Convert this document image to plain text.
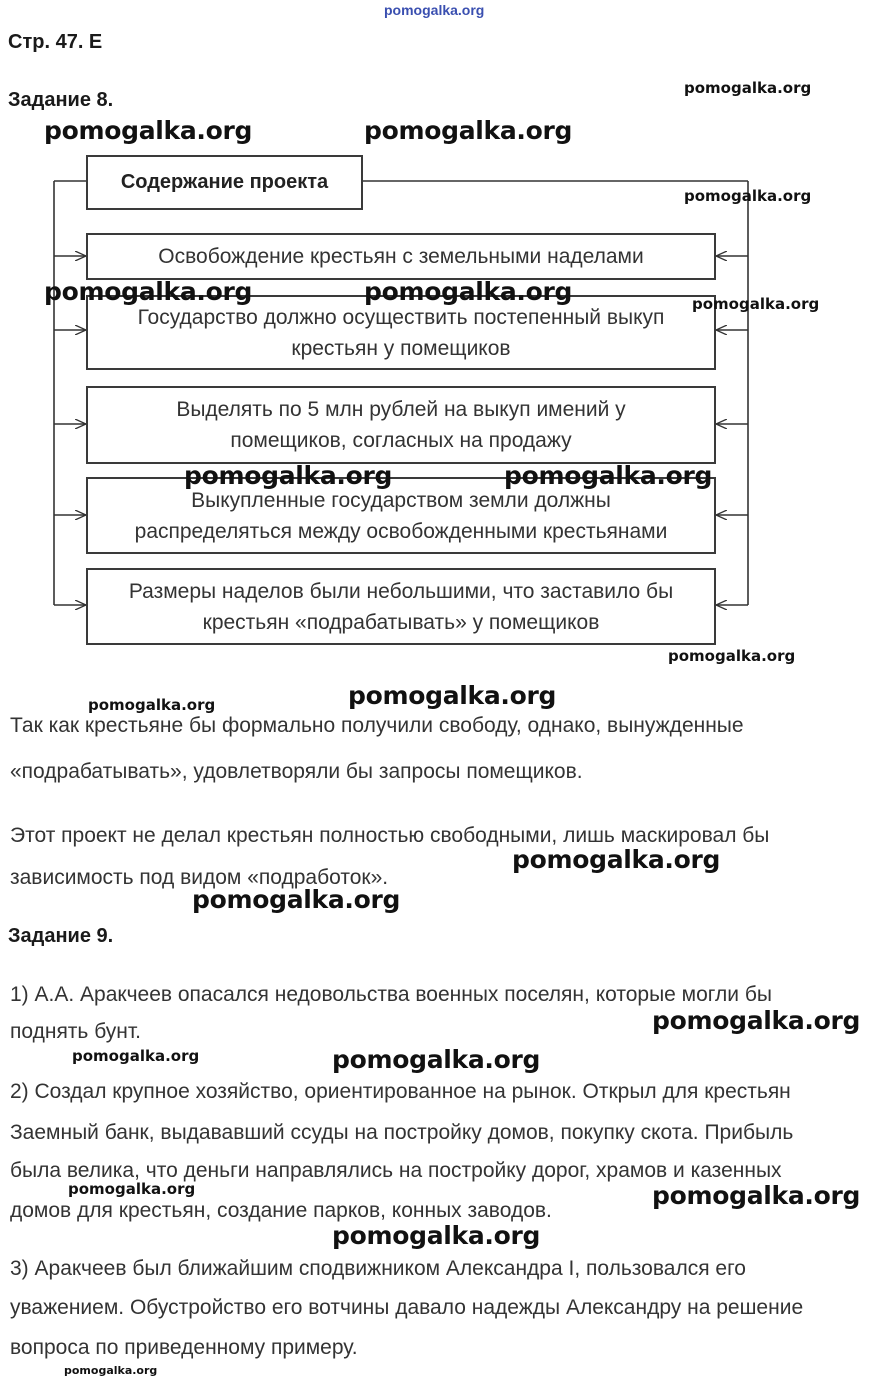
Стр. 47. Е
Задание 8.
Содержание проекта
Освобождение крестьян с земельными наделами
Государство должно осуществить постепенный выкуп
крестьян у помещиков
Выделять по 5 млн рублей на выкуп имений у
помещиков, согласных на продажу
Выкупленные государством земли должны
распределяться между освобожденными крестьянами
Размеры наделов были небольшими, что заставило бы
крестьян «подрабатывать» у помещиков
Так как крестьяне бы формально получили свободу, однако, вынужденные
«подрабатывать», удовлетворяли бы запросы помещиков.
Этот проект не делал крестьян полностью свободными, лишь маскировал бы
зависимость под видом «подработок».
Задание 9.
1) А.А. Аракчеев опасался недовольства военных поселян, которые могли бы
поднять бунт.
2) Создал крупное хозяйство, ориентированное на рынок. Открыл для крестьян
Заемный банк, выдававший ссуды на постройку домов, покупку скота. Прибыль
была велика, что деньги направлялись на постройку дорог, храмов и казенных
домов для крестьян, создание парков, конных заводов.
3) Аракчеев был ближайшим сподвижником Александра I, пользовался его
уважением. Обустройство его вотчины давало надежды Александру на решение
вопроса по приведенному примеру.
pomogalka.org
pomogalka.org
pomogalka.org	pomogalka.org
pomogalka.org
pomogalka.org	pomogalka.org	pomogalka.org
pomogalka.org	pomogalka.org
pomogalka.org
pomogalka.org	pomogalka.org
pomogalka.org
pomogalka.org
pomogalka.org
pomogalka.org	pomogalka.org
pomogalka.org	pomogalka.org
pomogalka.org
pomogalka.org
